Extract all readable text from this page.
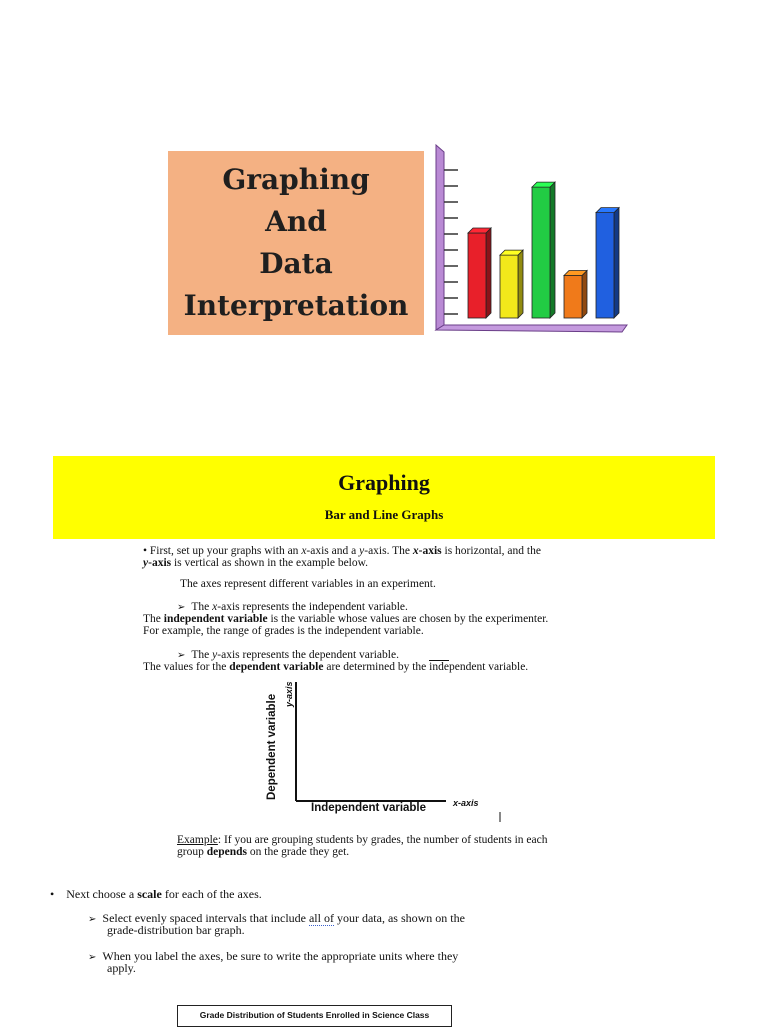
Graphing
And
Data
Interpretation
Graphing
Bar and Line Graphs
• First, set up your graphs with an x-axis and a y-axis. The x-axis is horizontal, and the
y-axis is vertical as shown in the example below.
The axes represent different variables in an experiment.
➢ The x-axis represents the independent variable.
The independent variable is the variable whose values are chosen by the experimenter.
For example, the range of grades is the independent variable.
➢ The y-axis represents the dependent variable.
The values for the dependent variable are determined by the independent variable.
Dependent variable y-axis
Independent variable	x-axis
Example: If you are grouping students by grades, the number of students in each
group depends on the grade they get.
• Next choose a scale for each of the axes.
➢ Select evenly spaced intervals that include all of your data, as shown on the
grade-distribution bar graph.
➢ When you label the axes, be sure to write the appropriate units where they
apply.
Grade Distribution of Students Enrolled in Science Class
